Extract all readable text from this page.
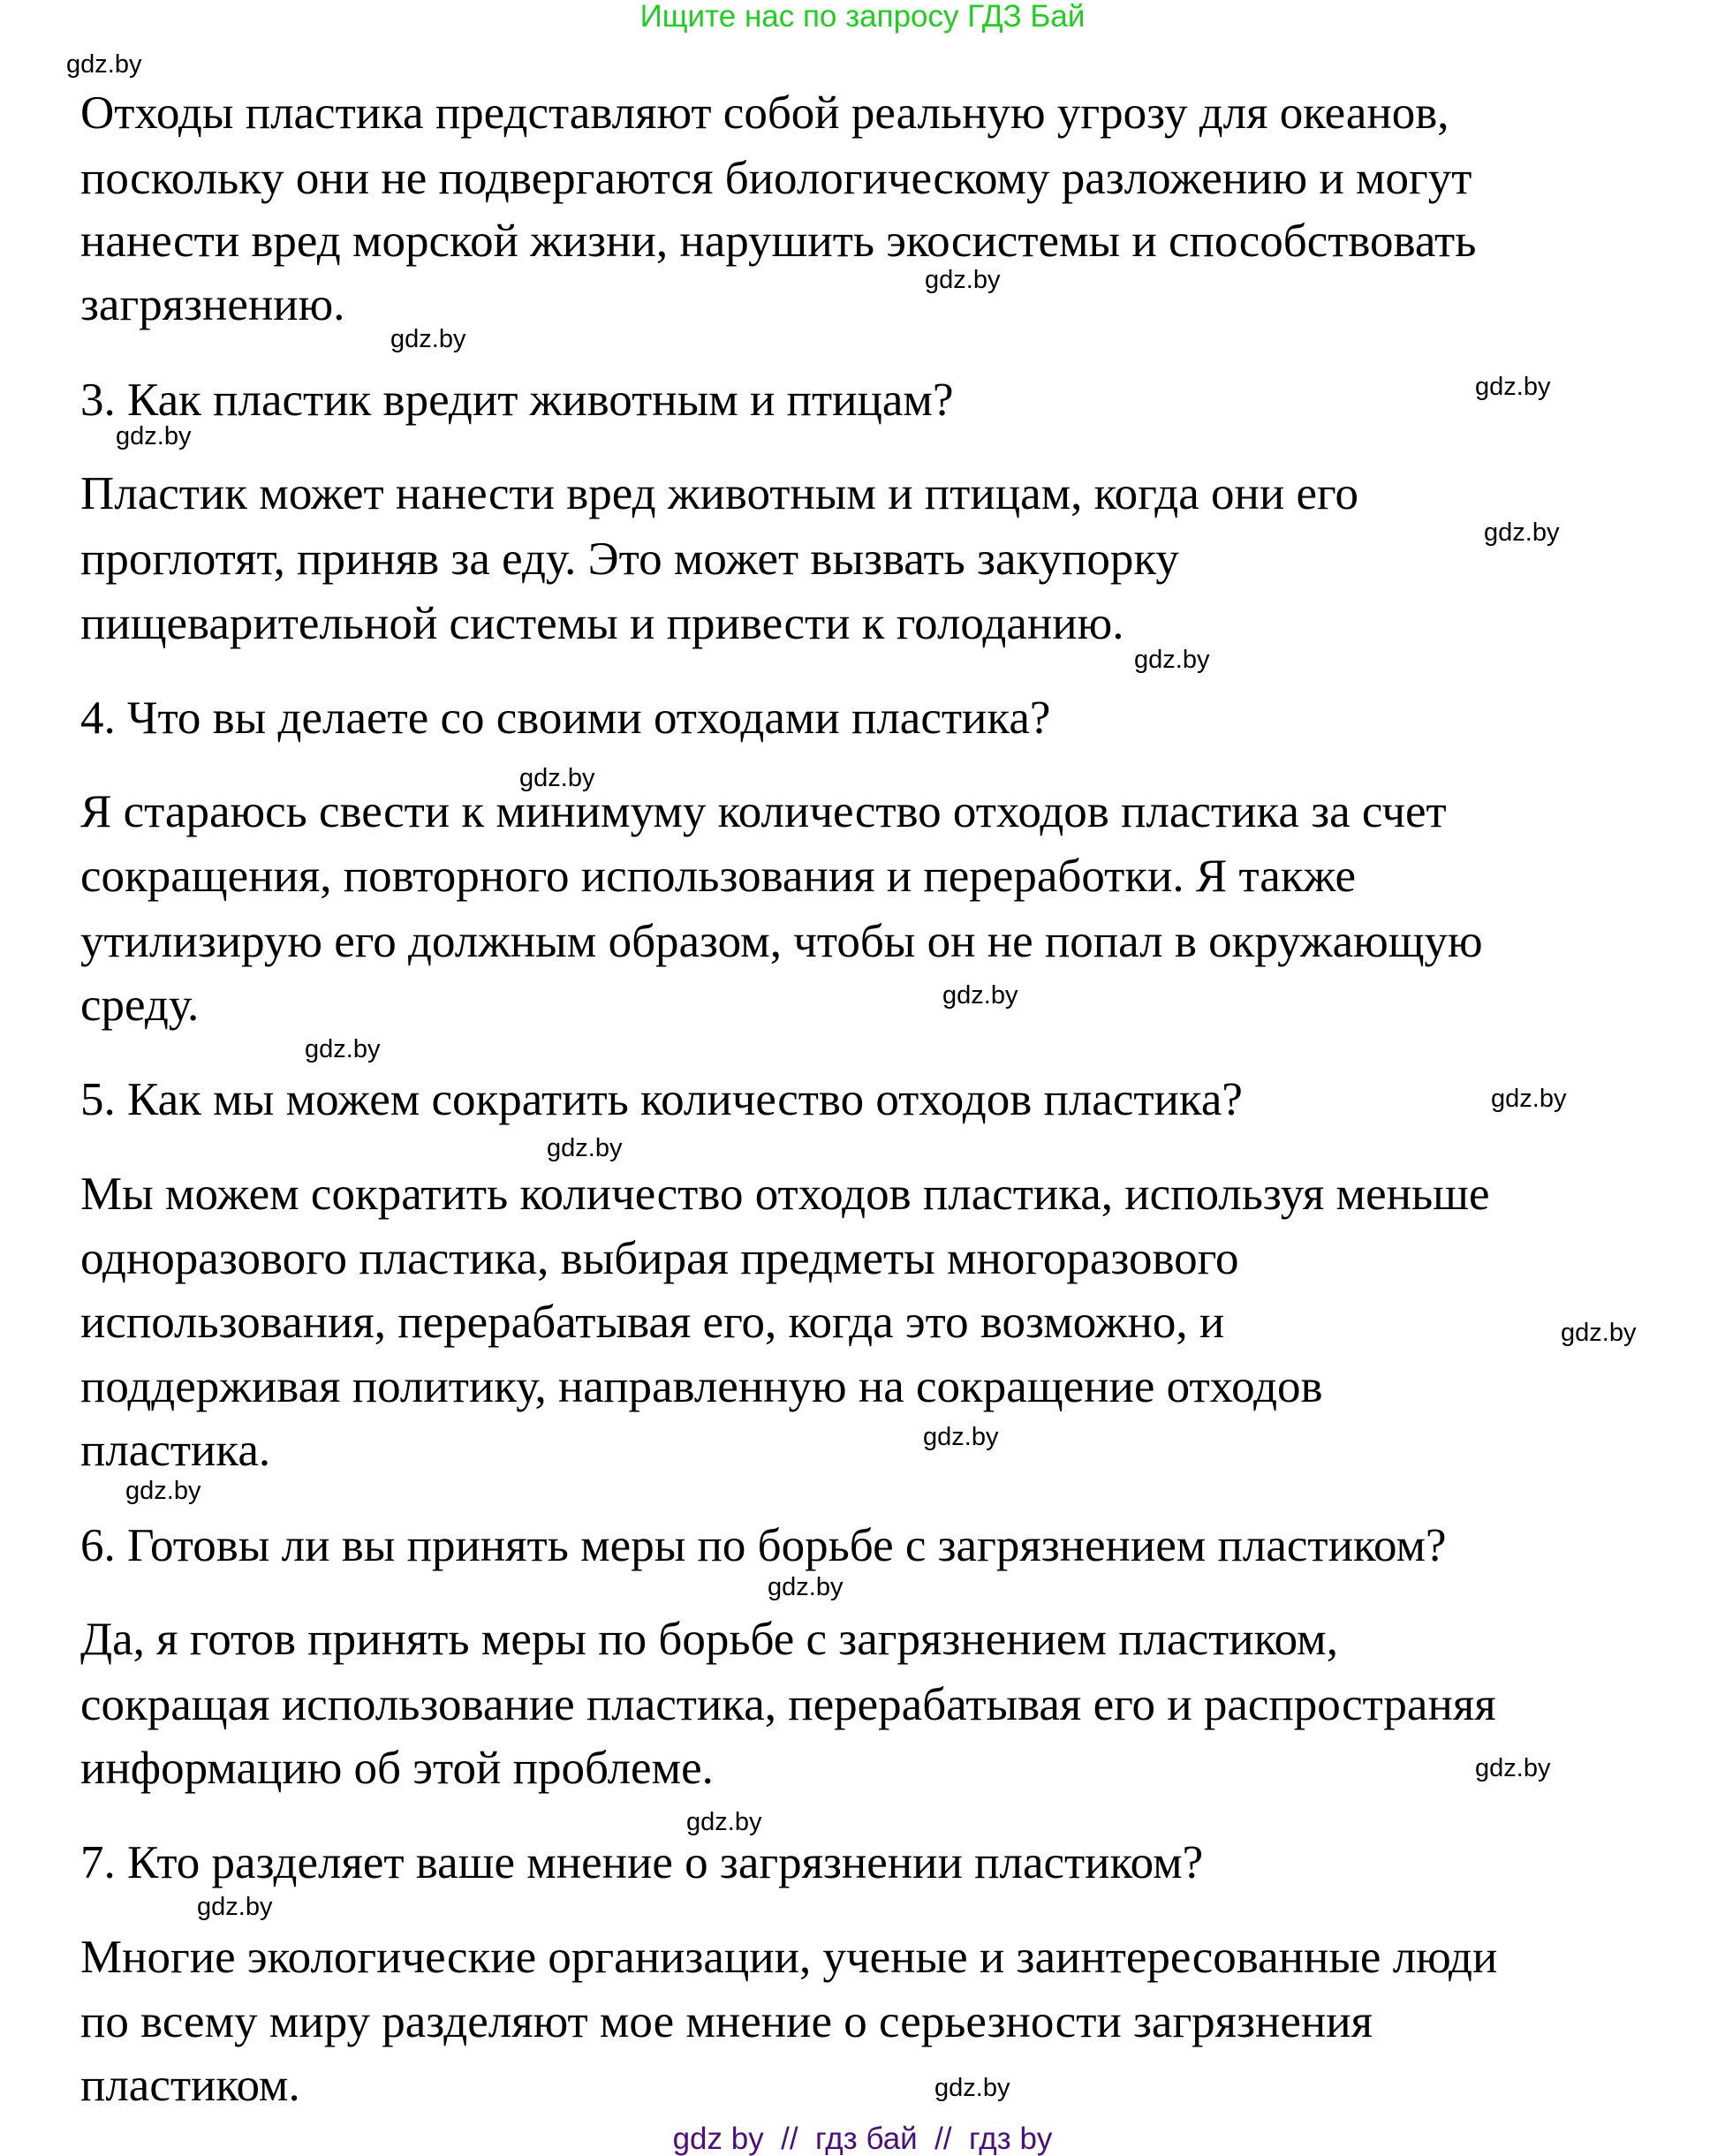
Ищите нас по запросу ГДЗ Бай
Отходы пластика представляют собой реальную угрозу для океанов,
поскольку они не подвергаются биологическому разложению и могут
нанести вред морской жизни, нарушить экосистемы и способствовать
загрязнению.
3. Как пластик вредит животным и птицам?
Пластик может нанести вред животным и птицам, когда они его
проглотят, приняв за еду. Это может вызвать закупорку
пищеварительной системы и привести к голоданию.
4. Что вы делаете со своими отходами пластика?
Я стараюсь свести к минимуму количество отходов пластика за счет
сокращения, повторного использования и переработки. Я также
утилизирую его должным образом, чтобы он не попал в окружающую
среду.
5. Как мы можем сократить количество отходов пластика?
Мы можем сократить количество отходов пластика, используя меньше
одноразового пластика, выбирая предметы многоразового
использования, перерабатывая его, когда это возможно, и
поддерживая политику, направленную на сокращение отходов
пластика.
6. Готовы ли вы принять меры по борьбе с загрязнением пластиком?
Да, я готов принять меры по борьбе с загрязнением пластиком,
сокращая использование пластика, перерабатывая его и распространяя
информацию об этой проблеме.
7. Кто разделяет ваше мнение о загрязнении пластиком?
Многие экологические организации, ученые и заинтересованные люди
по всему миру разделяют мое мнение о серьезности загрязнения
пластиком.
gdz.by
gdz.by
gdz.by
gdz.by
gdz.by
gdz.by
gdz.by
gdz.by
gdz.by
gdz.by
gdz.by
gdz.by
gdz.by
gdz.by
gdz.by
gdz.by
gdz.by
gdz.by
gdz.by
gdz.by
gdz by  //  гдз бай  //  гдз by
